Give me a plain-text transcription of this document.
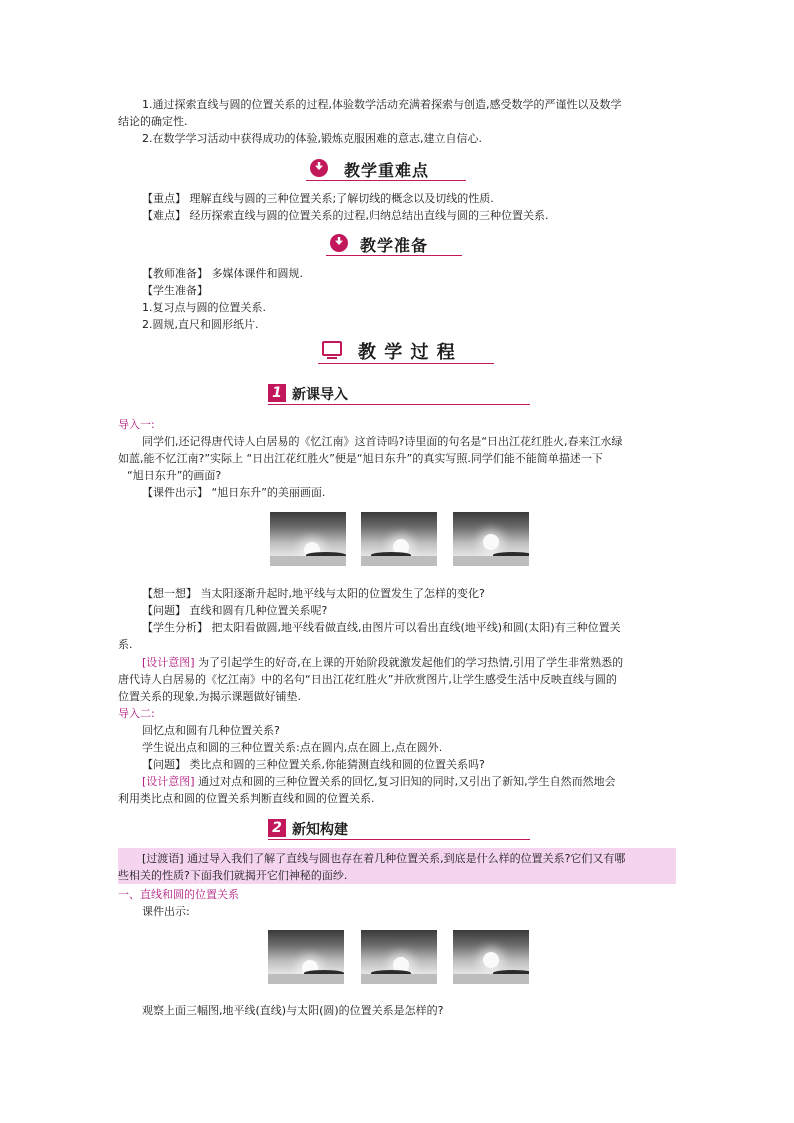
1.通过探索直线与圆的位置关系的过程,体验数学活动充满着探索与创造,感受数学的严谨性以及数学
结论的确定性.
2.在数学学习活动中获得成功的体验,锻炼克服困难的意志,建立自信心.
教学重难点
【重点】 理解直线与圆的三种位置关系;了解切线的概念以及切线的性质.
【难点】 经历探索直线与圆的位置关系的过程,归纳总结出直线与圆的三种位置关系.
教学准备
【教师准备】 多媒体课件和圆规.
【学生准备】
1.复习点与圆的位置关系.
2.圆规,直尺和圆形纸片.
教 学 过 程
1 新课导入
导入一:
同学们,还记得唐代诗人白居易的《忆江南》这首诗吗?诗里面的句名是“日出江花红胜火,春来江水绿
如蓝,能不忆江南?”实际上 “日出江花红胜火”便是“旭日东升”的真实写照.同学们能不能简单描述一下
“旭日东升”的画面?
【课件出示】 “旭日东升”的美丽画面.
【想一想】 当太阳逐渐升起时,地平线与太阳的位置发生了怎样的变化?
【问题】 直线和圆有几种位置关系呢?
【学生分析】 把太阳看做圆,地平线看做直线,由图片可以看出直线(地平线)和圆(太阳)有三种位置关
系.
[设计意图] 为了引起学生的好奇,在上课的开始阶段就激发起他们的学习热情,引用了学生非常熟悉的
唐代诗人白居易的《忆江南》中的名句“日出江花红胜火”并欣赏图片,让学生感受生活中反映直线与圆的
位置关系的现象,为揭示课题做好铺垫.
导入二:
回忆点和圆有几种位置关系?
学生说出点和圆的三种位置关系:点在圆内,点在圆上,点在圆外.
【问题】 类比点和圆的三种位置关系,你能猜测直线和圆的位置关系吗?
[设计意图] 通过对点和圆的三种位置关系的回忆,复习旧知的同时,又引出了新知,学生自然而然地会
利用类比点和圆的位置关系判断直线和圆的位置关系.
2 新知构建
[过渡语] 通过导入我们了解了直线与圆也存在着几种位置关系,到底是什么样的位置关系?它们又有哪
些相关的性质?下面我们就揭开它们神秘的面纱.
一、直线和圆的位置关系
课件出示:
观察上面三幅图,地平线(直线)与太阳(圆)的位置关系是怎样的?
